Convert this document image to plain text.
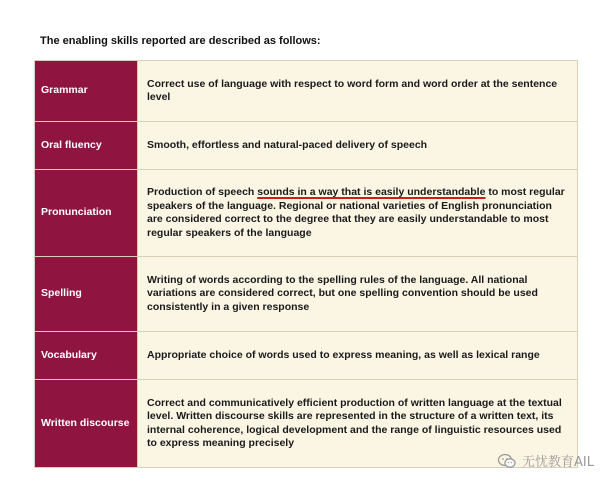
The enabling skills reported are described as follows:
Grammar	Correct use of language with respect to word form and word order at the sentence level
Oral fluency	Smooth, effortless and natural-paced delivery of speech
Pronunciation	Production of speech sounds in a way that is easily understandable to most regular speakers of the language. Regional or national varieties of English pronunciation are considered correct to the degree that they are easily understandable to most regular speakers of the language
Spelling	Writing of words according to the spelling rules of the language. All national variations are considered correct, but one spelling convention should be used consistently in a given response
Vocabulary	Appropriate choice of words used to express meaning, as well as lexical range
Written discourse	Correct and communicatively efficient production of written language at the textual level. Written discourse skills are represented in the structure of a written text, its internal coherence, logical development and the range of linguistic resources used to express meaning precisely
无忧教育AIL
